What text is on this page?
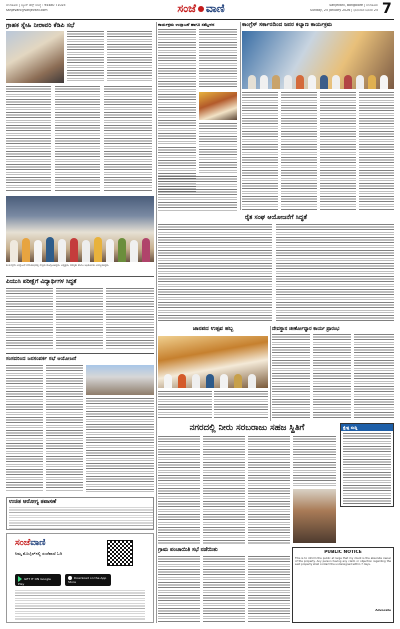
ಬೆಂಗಳೂರು | ನ್ಯೂಸ್ ಡೆಸ್ಕ್ ಸಂಖ್ಯೆ : 94480 71025
sanjevani@sanjevani.com	ಸಂಜೆ ವಾಣಿ	Sanjevani, Bangalore | ಬೆಂಗಳೂರು
Sunday, 25 January 2026 | ಭಾನುವಾರ ಜನವರಿ 25 7
ಗ್ರಾಹಕ ಸ್ನೇಹಿ ನೀರಾವರಿ ಕೆಡಿಪಿ ಸಭೆ	ಕಾರ್ಯಕ್ರಮ ಉದ್ಘಾಟನೆ ಹಾಗೂ ಸಮ್ಮೇಳನ	ಕಾಂಗ್ರೆಸ್ ಸರ್ಕಾರದಿಂದ ಜನರ ಕಲ್ಯಾಣ ಕಾರ್ಯಕ್ರಮ
ಕಾರ್ಯಕ್ರಮ ಉದ್ಘಾಟನೆ ಸಮಾರಂಭದಲ್ಲಿ ಗಣ್ಯರು ಪಾಲ್ಗೊಂಡಿದ್ದರು. ಅಧ್ಯಕ್ಷರು, ಸದಸ್ಯರು ಹಾಗೂ ಅಧಿಕಾರಿಗಳು ಉಪಸ್ಥಿತರಿದ್ದರು.
ರೈತ ಸಂಘ ಆಯೋಜನೆಗೆ ಸಿದ್ಧತೆ
ಪಿಯುಸಿ ಪರೀಕ್ಷೆಗೆ ವಿದ್ಯಾರ್ಥಿಗಳ ಸಿದ್ಧತೆ
ಸಂಸದರಿಂದ ಜನಸಂಪರ್ಕ ಸಭೆ ಆಯೋಜನೆ
ಜಾನಪದ ಉತ್ಸವ ಹಬ್ಬ	ದೇವಸ್ಥಾನ ಜೀರ್ಣೋದ್ಧಾರ ಕಾರ್ಯ ಪ್ರಾರಂಭ
ನಗರದಲ್ಲಿ ನೀರು ಸರಬರಾಜು ಸಹಜ ಸ್ಥಿತಿಗೆ	ಕ್ಷೇತ್ರ ಸುದ್ದಿ
ಉಚಿತ ಆರೋಗ್ಯ ತಪಾಸಣೆ
ಸಂಜೆವಾಣಿ
ನಿಮ್ಮ ಮೊಬೈಲ್‌ನಲ್ಲಿ ಸಂಜೆವಾಣಿ ಓದಿ
GET IT ON Google Play
Download on the App Store
ಗ್ರಾಮ ಪಂಚಾಯಿತಿ ಸಭೆ ನಡೆಯಿತು	PUBLIC NOTICE
This is to inform the public at large that my client is the absolute owner of the property. Any person having any claim or objection regarding the said property shall contact the undersigned within 7 days.
Advocate
